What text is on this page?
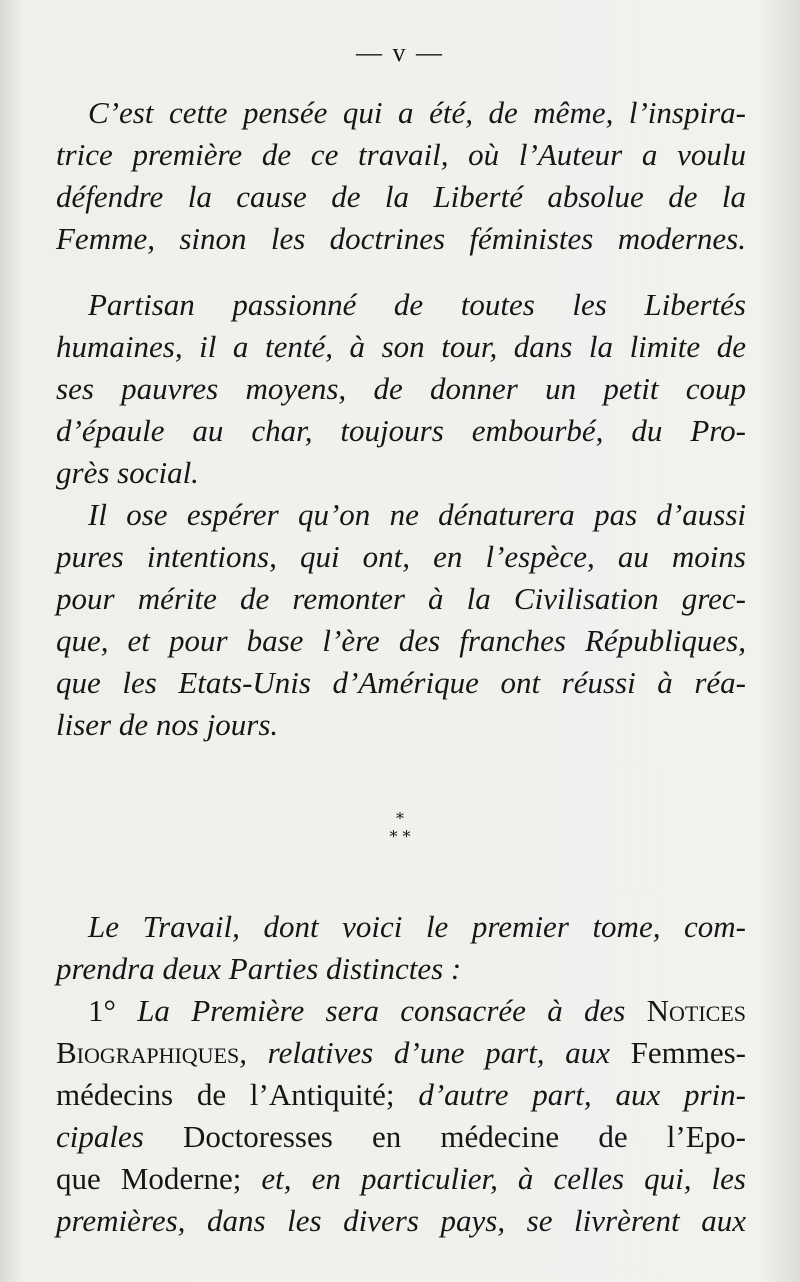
— v —

C’est cette pensée qui a été, de même, l’inspira-

trice première de ce travail, où l’Auteur a voulu

défendre la cause de la Liberté absolue de la

Femme, sinon les doctrines féministes modernes.

Partisan passionné de toutes les Libertés

humaines, il a tenté, à son tour, dans la limite de

ses pauvres moyens, de donner un petit coup

d’épaule au char, toujours embourbé, du Pro-

grès social.

Il ose espérer qu’on ne dénaturera pas d’aussi

pures intentions, qui ont, en l’espèce, au moins

pour mérite de remonter à la Civilisation grec-

que, et pour base l’ère des franches Républiques,

que les Etats-Unis d’Amérique ont réussi à réa-

liser de nos jours.

*
* *

Le Travail, dont voici le premier tome, com-

prendra deux Parties distinctes :

1° La Première sera consacrée à des Notices

Biographiques, relatives d’une part, aux Femmes-

médecins de l’Antiquité; d’autre part, aux prin-

cipales Doctoresses en médecine de l’Epo-

que Moderne; et, en particulier, à celles qui, les

premières, dans les divers pays, se livrèrent aux
